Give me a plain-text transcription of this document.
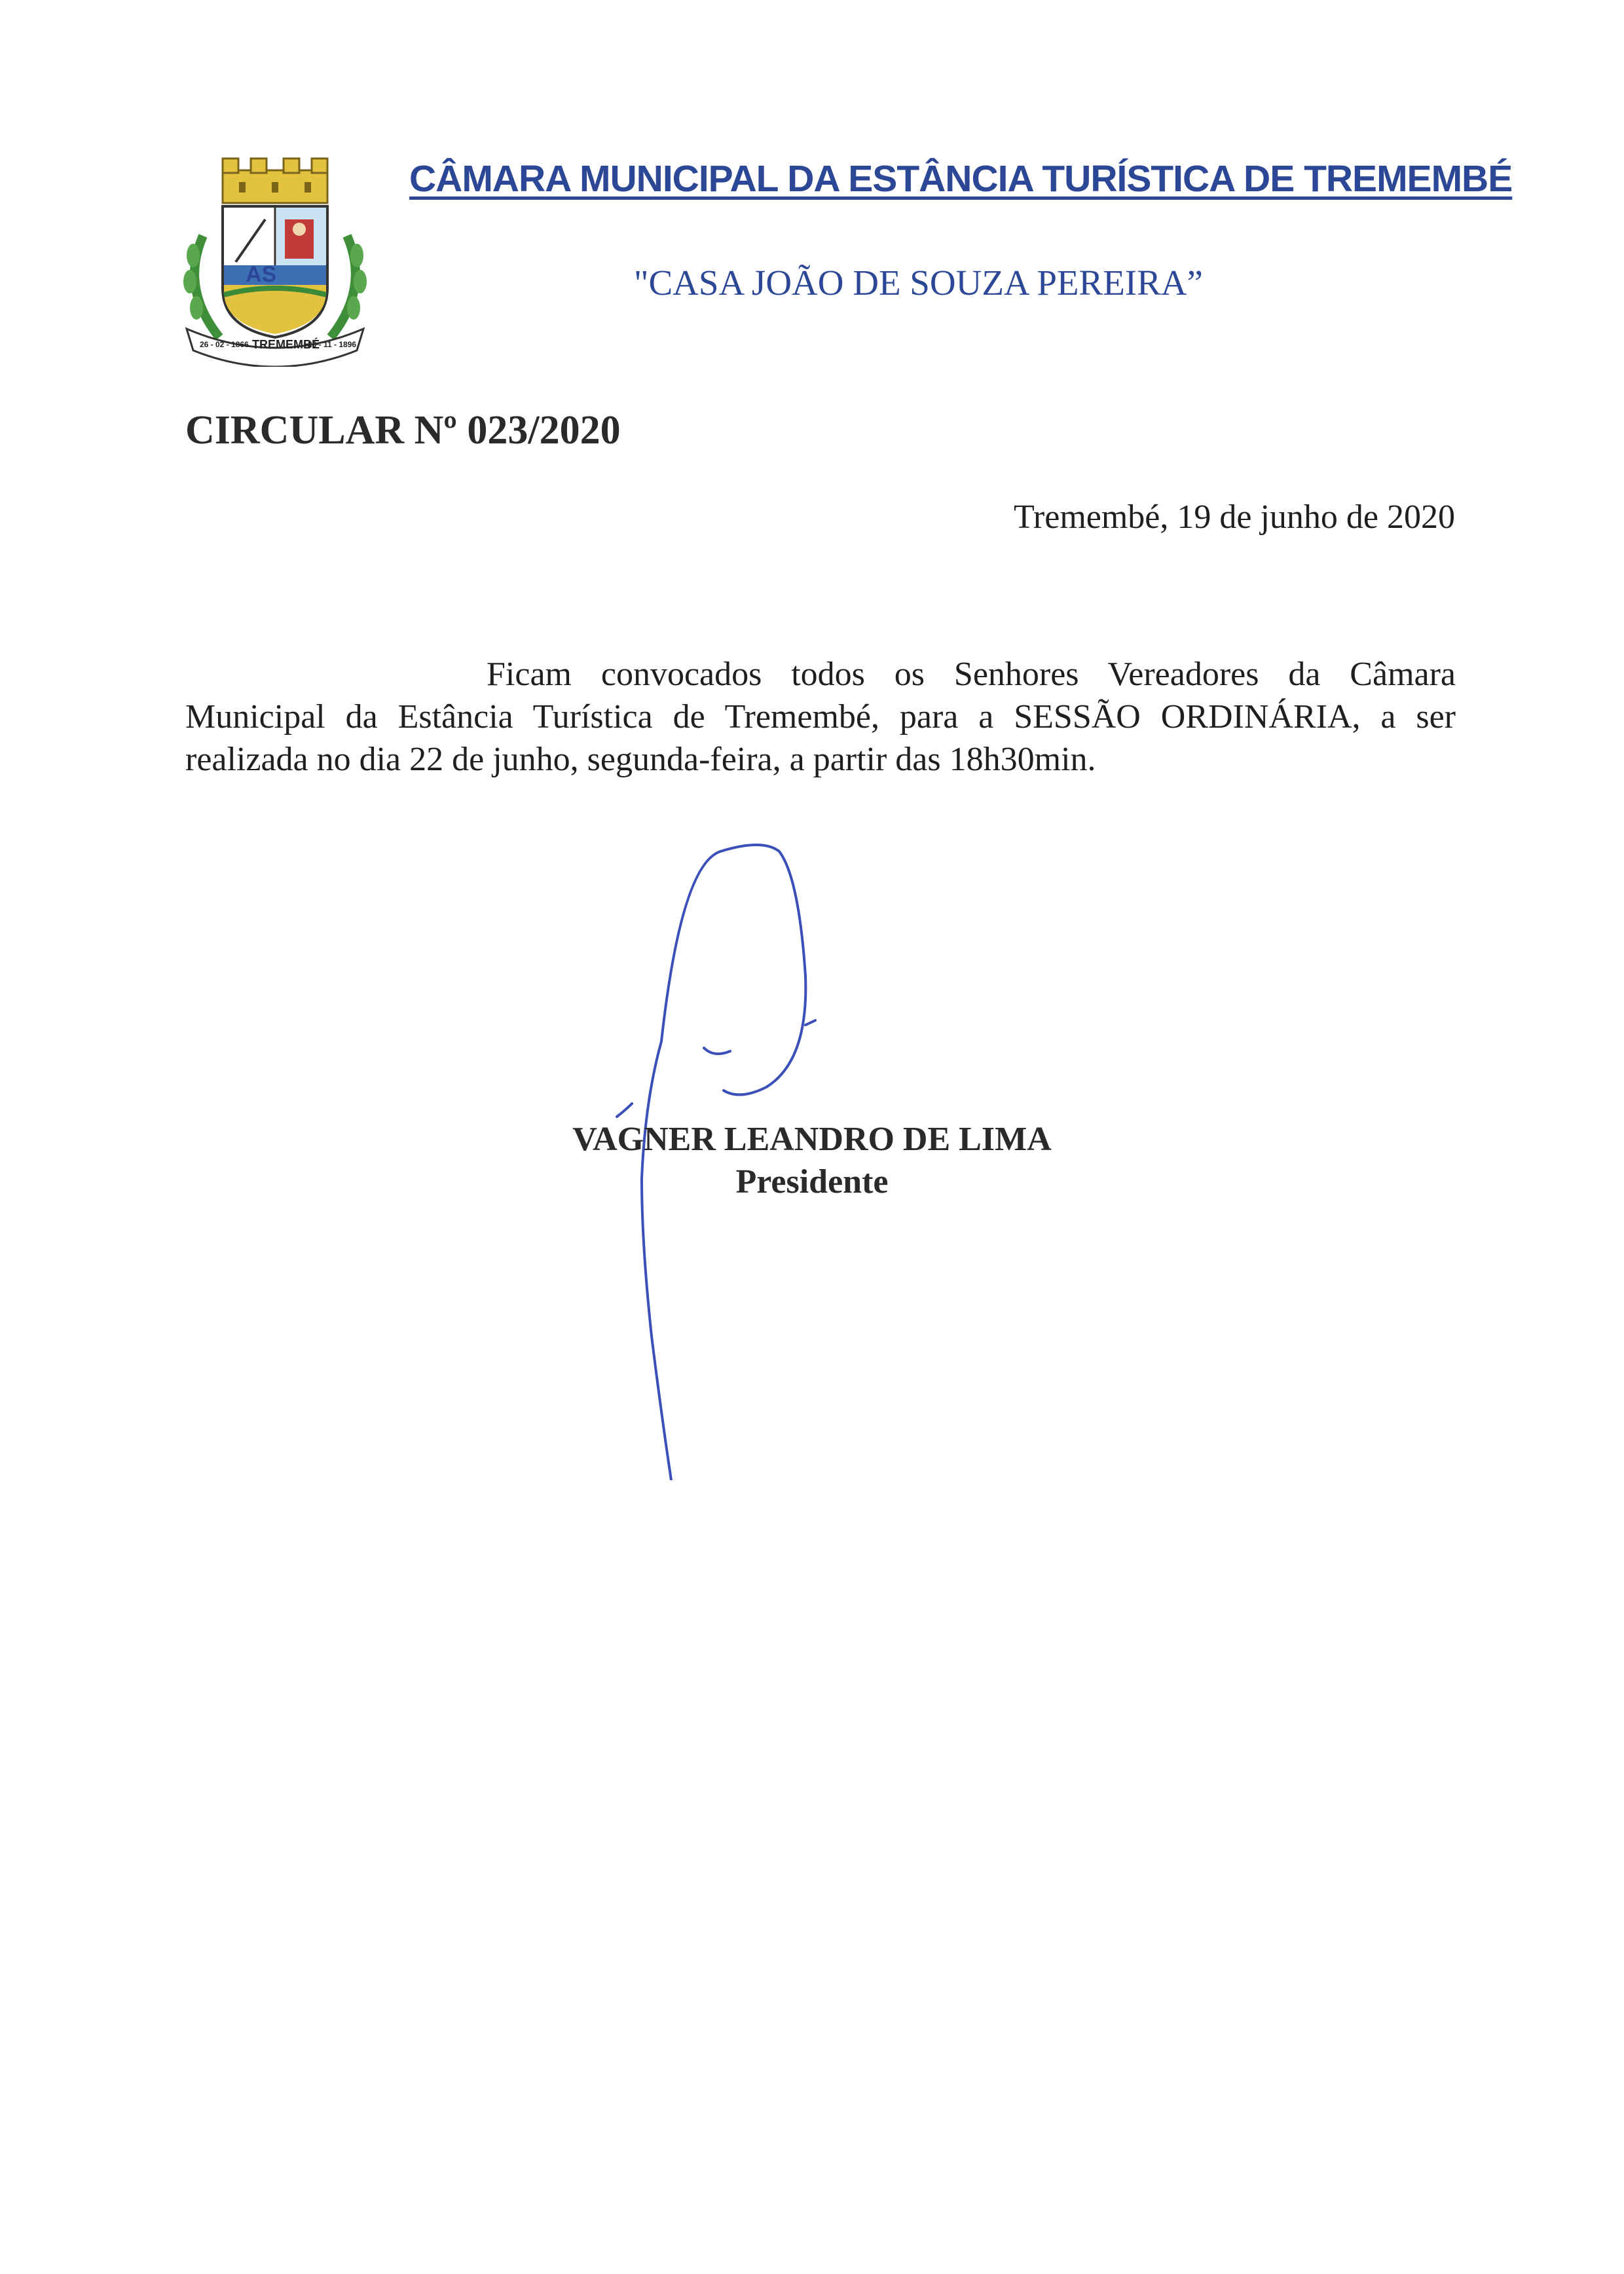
AS
TREMEMBÉ
26 - 02 - 1866	26 - 11 - 1896
CÂMARA MUNICIPAL DA ESTÂNCIA TURÍSTICA DE TREMEMBÉ
"CASA JOÃO DE SOUZA PEREIRA”
CIRCULAR Nº 023/2020
Tremembé, 19 de junho de 2020

Ficam convocados todos os Senhores Vereadores da Câmara Municipal da Estância Turística de Tremembé, para a SESSÃO ORDINÁRIA, a ser realizada no dia 22 de junho, segunda-feira, a partir das 18h30min.

VAGNER LEANDRO DE LIMA
Presidente
